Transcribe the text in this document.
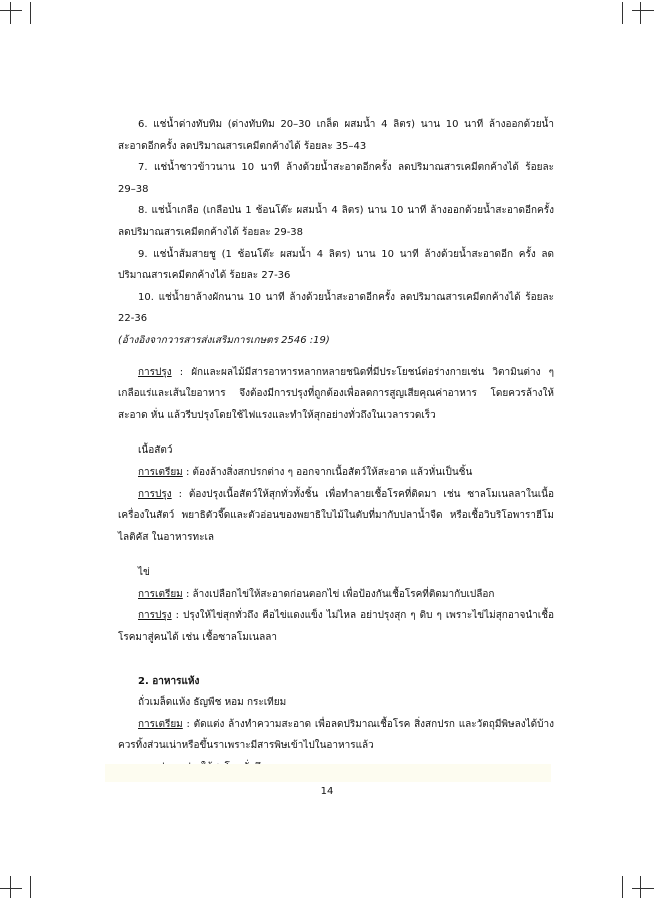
6. แช่น้ำด่างทับทิม (ด่างทับทิม 20–30 เกล็ด ผสมน้ำ 4 ลิตร) นาน 10 นาที ล้างออกด้วยน้ำสะอาดอีกครั้ง ลดปริมาณสารเคมีตกค้างได้ ร้อยละ 35–43

7. แช่น้ำซาวข้าวนาน 10 นาที ล้างด้วยน้ำสะอาดอีกครั้ง ลดปริมาณสารเคมีตกค้างได้ ร้อยละ 29–38

8. แช่น้ำเกลือ (เกลือป่น 1 ช้อนโต๊ะ ผสมน้ำ 4 ลิตร) นาน 10 นาที ล้างออกด้วยน้ำสะอาดอีกครั้ง ลดปริมาณสารเคมีตกค้างได้ ร้อยละ 29-38

9. แช่น้ำส้มสายชู (1 ช้อนโต๊ะ ผสมน้ำ 4 ลิตร) นาน 10 นาที ล้างด้วยน้ำสะอาดอีก ครั้ง ลดปริมาณสารเคมีตกค้างได้ ร้อยละ 27-36

10. แช่น้ำยาล้างผักนาน 10 นาที ล้างด้วยน้ำสะอาดอีกครั้ง ลดปริมาณสารเคมีตกค้างได้ ร้อยละ 22-36

(อ้างอิงจากวารสารส่งเสริมการเกษตร 2546 :19)

การปรุง : ผักและผลไม้มีสารอาหารหลากหลายชนิดที่มีประโยชน์ต่อร่างกายเช่น วิตามินต่าง ๆ เกลือแร่และเส้นใยอาหาร จึงต้องมีการปรุงที่ถูกต้องเพื่อลดการสูญเสียคุณค่าอาหาร โดยควรล้างให้สะอาด หั่น แล้วรีบปรุงโดยใช้ไฟแรงและทำให้สุกอย่างทั่วถึงในเวลารวดเร็ว

เนื้อสัตว์

การเตรียม : ต้องล้างสิ่งสกปรกต่าง ๆ ออกจากเนื้อสัตว์ให้สะอาด แล้วหั่นเป็นชิ้น

การปรุง : ต้องปรุงเนื้อสัตว์ให้สุกทั่วทั้งชิ้น เพื่อทำลายเชื้อโรคที่ติดมา เช่น ซาลโมเนลลาในเนื้อ เครื่องในสัตว์ พยาธิตัวจี๊ดและตัวอ่อนของพยาธิใบไม้ในตับที่มากับปลาน้ำจืด หรือเชื้อวิบริโอพาราฮีโมไลติคัส ในอาหารทะเล

ไข่

การเตรียม : ล้างเปลือกไข่ให้สะอาดก่อนตอกไข่ เพื่อป้องกันเชื้อโรคที่ติดมากับเปลือก

การปรุง : ปรุงให้ไข่สุกทั่วถึง คือไข่แดงแข็ง ไม่ไหล อย่าปรุงสุก ๆ ดิบ ๆ เพราะไข่ไม่สุกอาจนำเชื้อโรคมาสู่คนได้ เช่น เชื้อซาลโมเนลลา

2. อาหารแห้ง

ถั่วเมล็ดแห้ง ธัญพืช หอม กระเทียม

การเตรียม : ตัดแต่ง ล้างทำความสะอาด เพื่อลดปริมาณเชื้อโรค สิ่งสกปรก และวัตถุมีพิษลงได้บ้าง ควรทิ้งส่วนเน่าหรือขึ้นราเพราะมีสารพิษเข้าไปในอาหารแล้ว

14
